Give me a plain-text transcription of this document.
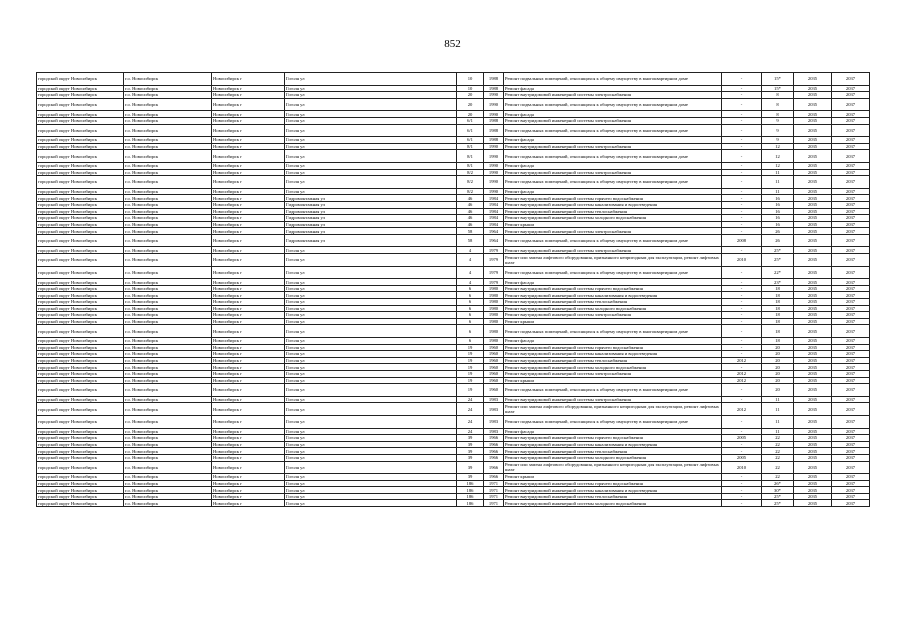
852
городской округ Новосибирск	г.о. Новосибирск	Новосибирск г	Гоголя ул	10	1988	Ремонт подвальных помещений, относящихся к общему имуществу в многоквартирном доме	-	15*	2035	2037
городской округ Новосибирск	г.о. Новосибирск	Новосибирск г	Гоголя ул	10	1988	Ремонт фасада	-	15*	2035	2037
городской округ Новосибирск	г.о. Новосибирск	Новосибирск г	Гоголя ул	20	1990	Ремонт внутридомовой инженерной системы электроснабжения	-	8	2035	2037
городской округ Новосибирск	г.о. Новосибирск	Новосибирск г	Гоголя ул	20	1990	Ремонт подвальных помещений, относящихся к общему имуществу в многоквартирном доме	-	8	2035	2037
городской округ Новосибирск	г.о. Новосибирск	Новосибирск г	Гоголя ул	20	1990	Ремонт фасада	-	8	2035	2037
городской округ Новосибирск	г.о. Новосибирск	Новосибирск г	Гоголя ул	6/1	1988	Ремонт внутридомовой инженерной системы электроснабжения	-	9	2035	2037
городской округ Новосибирск	г.о. Новосибирск	Новосибирск г	Гоголя ул	6/1	1988	Ремонт подвальных помещений, относящихся к общему имуществу в многоквартирном доме	-	9	2035	2037
городской округ Новосибирск	г.о. Новосибирск	Новосибирск г	Гоголя ул	6/1	1988	Ремонт фасада	-	9	2035	2037
городской округ Новосибирск	г.о. Новосибирск	Новосибирск г	Гоголя ул	8/1	1990	Ремонт внутридомовой инженерной системы электроснабжения	-	12	2035	2037
городской округ Новосибирск	г.о. Новосибирск	Новосибирск г	Гоголя ул	8/1	1990	Ремонт подвальных помещений, относящихся к общему имуществу в многоквартирном доме	-	12	2035	2037
городской округ Новосибирск	г.о. Новосибирск	Новосибирск г	Гоголя ул	8/1	1990	Ремонт фасада	-	12	2035	2037
городской округ Новосибирск	г.о. Новосибирск	Новосибирск г	Гоголя ул	8/2	1990	Ремонт внутридомовой инженерной системы электроснабжения	-	11	2035	2037
городской округ Новосибирск	г.о. Новосибирск	Новосибирск г	Гоголя ул	8/2	1990	Ремонт подвальных помещений, относящихся к общему имуществу в многоквартирном доме	-	11	2035	2037
городской округ Новосибирск	г.о. Новосибирск	Новосибирск г	Гоголя ул	8/2	1990	Ремонт фасада	-	11	2035	2037
городской округ Новосибирск	г.о. Новосибирск	Новосибирск г	Гидромонтажная ул	46	1984	Ремонт внутридомовой инженерной системы горячего водоснабжения	-	16	2035	2037
городской округ Новосибирск	г.о. Новосибирск	Новосибирск г	Гидромонтажная ул	46	1984	Ремонт внутридомовой инженерной системы канализования и водоотведения	-	16	2035	2037
городской округ Новосибирск	г.о. Новосибирск	Новосибирск г	Гидромонтажная ул	46	1984	Ремонт внутридомовой инженерной системы теплоснабжения	-	16	2035	2037
городской округ Новосибирск	г.о. Новосибирск	Новосибирск г	Гидромонтажная ул	46	1984	Ремонт внутридомовой инженерной системы холодного водоснабжения	-	16	2035	2037
городской округ Новосибирск	г.о. Новосибирск	Новосибирск г	Гидромонтажная ул	46	1984	Ремонт крыши	-	16	2035	2037
городской округ Новосибирск	г.о. Новосибирск	Новосибирск г	Гидромонтажная ул	58	1964	Ремонт внутридомовой инженерной системы электроснабжения	-	26	2035	2037
городской округ Новосибирск	г.о. Новосибирск	Новосибирск г	Гидромонтажная ул	58	1964	Ремонт подвальных помещений, относящихся к общему имуществу в многоквартирном доме	2008	26	2035	2037
городской округ Новосибирск	г.о. Новосибирск	Новосибирск г	Гоголя ул	4	1979	Ремонт внутридомовой инженерной системы электроснабжения	-	25*	2035	2037
городской округ Новосибирск	г.о. Новосибирск	Новосибирск г	Гоголя ул	4	1979	Ремонт или замена лифтового оборудования, признанного непригодным для эксплуатации, ремонт лифтовых шахт	2010	25*	2035	2037
городской округ Новосибирск	г.о. Новосибирск	Новосибирск г	Гоголя ул	4	1979	Ремонт подвальных помещений, относящихся к общему имуществу в многоквартирном доме	-	22*	2035	2037
городской округ Новосибирск	г.о. Новосибирск	Новосибирск г	Гоголя ул	4	1979	Ремонт фасада	-	23*	2035	2037
городской округ Новосибирск	г.о. Новосибирск	Новосибирск г	Гоголя ул	6	1980	Ремонт внутридомовой инженерной системы горячего водоснабжения	-	18	2035	2037
городской округ Новосибирск	г.о. Новосибирск	Новосибирск г	Гоголя ул	6	1980	Ремонт внутридомовой инженерной системы канализования и водоотведения	-	18	2035	2037
городской округ Новосибирск	г.о. Новосибирск	Новосибирск г	Гоголя ул	6	1980	Ремонт внутридомовой инженерной системы теплоснабжения	-	18	2035	2037
городской округ Новосибирск	г.о. Новосибирск	Новосибирск г	Гоголя ул	6	1980	Ремонт внутридомовой инженерной системы холодного водоснабжения	-	18	2035	2037
городской округ Новосибирск	г.о. Новосибирск	Новосибирск г	Гоголя ул	6	1980	Ремонт внутридомовой инженерной системы электроснабжения	-	18	2035	2037
городской округ Новосибирск	г.о. Новосибирск	Новосибирск г	Гоголя ул	6	1980	Ремонт крыши	-	18	2035	2037
городской округ Новосибирск	г.о. Новосибирск	Новосибирск г	Гоголя ул	6	1980	Ремонт подвальных помещений, относящихся к общему имуществу в многоквартирном доме	-	18	2035	2037
городской округ Новосибирск	г.о. Новосибирск	Новосибирск г	Гоголя ул	6	1980	Ремонт фасада	-	18	2035	2037
городской округ Новосибирск	г.о. Новосибирск	Новосибирск г	Гоголя ул	19	1960	Ремонт внутридомовой инженерной системы горячего водоснабжения	-	20	2035	2037
городской округ Новосибирск	г.о. Новосибирск	Новосибирск г	Гоголя ул	19	1960	Ремонт внутридомовой инженерной системы канализования и водоотведения	-	20	2035	2037
городской округ Новосибирск	г.о. Новосибирск	Новосибирск г	Гоголя ул	19	1960	Ремонт внутридомовой инженерной системы теплоснабжения	2012	20	2035	2037
городской округ Новосибирск	г.о. Новосибирск	Новосибирск г	Гоголя ул	19	1960	Ремонт внутридомовой инженерной системы холодного водоснабжения	-	20	2035	2037
городской округ Новосибирск	г.о. Новосибирск	Новосибирск г	Гоголя ул	19	1960	Ремонт внутридомовой инженерной системы электроснабжения	2012	20	2035	2037
городской округ Новосибирск	г.о. Новосибирск	Новосибирск г	Гоголя ул	19	1960	Ремонт крыши	2012	20	2035	2037
городской округ Новосибирск	г.о. Новосибирск	Новосибирск г	Гоголя ул	19	1960	Ремонт подвальных помещений, относящихся к общему имуществу в многоквартирном доме	-	20	2035	2037
городской округ Новосибирск	г.о. Новосибирск	Новосибирск г	Гоголя ул	24	1983	Ремонт внутридомовой инженерной системы электроснабжения	-	11	2035	2037
городской округ Новосибирск	г.о. Новосибирск	Новосибирск г	Гоголя ул	24	1983	Ремонт или замена лифтового оборудования, признанного непригодным для эксплуатации, ремонт лифтовых шахт	2012	11	2035	2037
городской округ Новосибирск	г.о. Новосибирск	Новосибирск г	Гоголя ул	24	1983	Ремонт подвальных помещений, относящихся к общему имуществу в многоквартирном доме	-	11	2035	2037
городской округ Новосибирск	г.о. Новосибирск	Новосибирск г	Гоголя ул	24	1983	Ремонт фасада	-	11	2035	2037
городской округ Новосибирск	г.о. Новосибирск	Новосибирск г	Гоголя ул	39	1966	Ремонт внутридомовой инженерной системы горячего водоснабжения	2005	22	2035	2037
городской округ Новосибирск	г.о. Новосибирск	Новосибирск г	Гоголя ул	39	1966	Ремонт внутридомовой инженерной системы канализования и водоотведения	-	22	2035	2037
городской округ Новосибирск	г.о. Новосибирск	Новосибирск г	Гоголя ул	39	1966	Ремонт внутридомовой инженерной системы теплоснабжения	-	22	2035	2037
городской округ Новосибирск	г.о. Новосибирск	Новосибирск г	Гоголя ул	39	1966	Ремонт внутридомовой инженерной системы холодного водоснабжения	2005	22	2035	2037
городской округ Новосибирск	г.о. Новосибирск	Новосибирск г	Гоголя ул	39	1966	Ремонт или замена лифтового оборудования, признанного непригодным для эксплуатации, ремонт лифтовых шахт	2010	22	2035	2037
городской округ Новосибирск	г.о. Новосибирск	Новосибирск г	Гоголя ул	39	1966	Ремонт крыши	-	22	2035	2037
городской округ Новосибирск	г.о. Новосибирск	Новосибирск г	Гоголя ул	186	1971	Ремонт внутридомовой инженерной системы горячего водоснабжения	-	26*	2035	2037
городской округ Новосибирск	г.о. Новосибирск	Новосибирск г	Гоголя ул	186	1971	Ремонт внутридомовой инженерной системы канализования и водоотведения	-	30*	2035	2037
городской округ Новосибирск	г.о. Новосибирск	Новосибирск г	Гоголя ул	186	1971	Ремонт внутридомовой инженерной системы теплоснабжения	-	25*	2035	2037
городской округ Новосибирск	г.о. Новосибирск	Новосибирск г	Гоголя ул	186	1971	Ремонт внутридомовой инженерной системы холодного водоснабжения	-	25*	2035	2037
